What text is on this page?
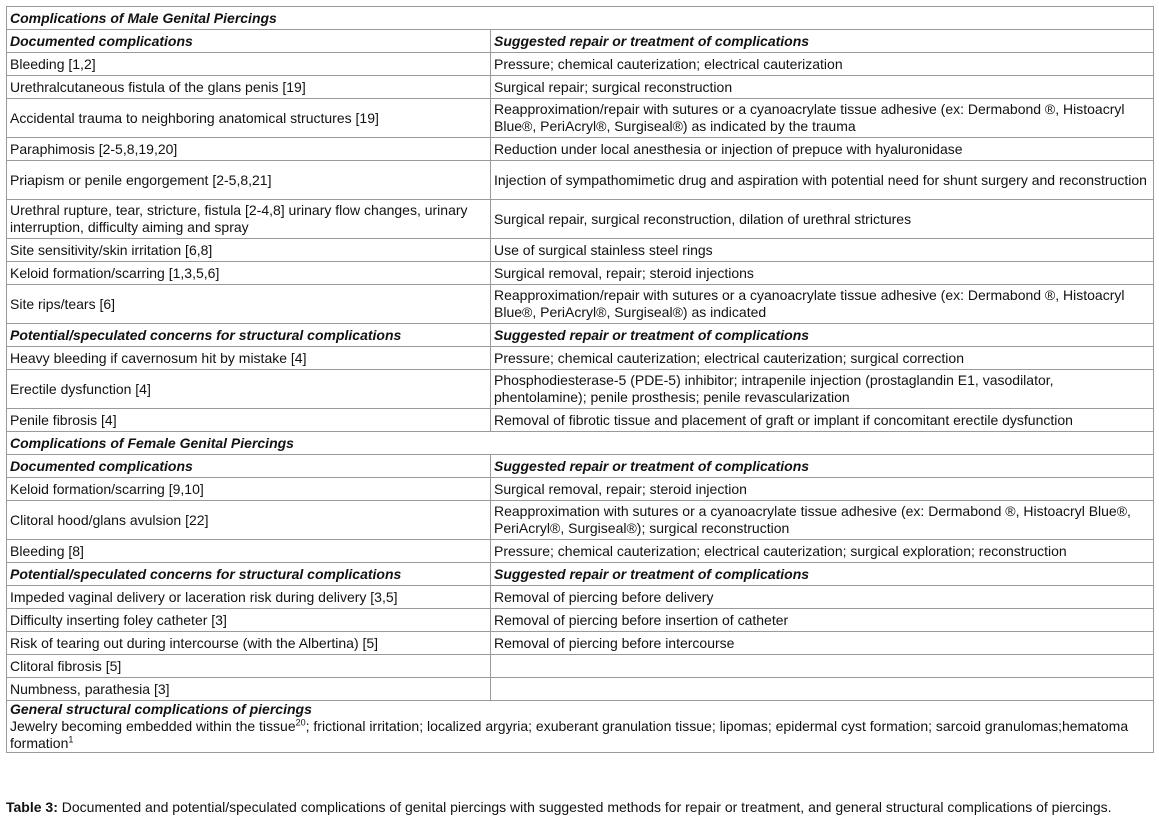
Complications of Male Genital Piercings	
Documented complications	Suggested repair or treatment of complications
Bleeding [1,2]	Pressure; chemical cauterization; electrical cauterization
Urethralcutaneous fistula of the glans penis [19]	Surgical repair; surgical reconstruction
Accidental trauma to neighboring anatomical structures [19]	Reapproximation/repair with sutures or a cyanoacrylate tissue adhesive (ex: Dermabond ®, Histoacryl Blue®, PeriAcryl®, Surgiseal®) as indicated by the trauma
Paraphimosis [2-5,8,19,20]	Reduction under local anesthesia or injection of prepuce with hyaluronidase
Priapism or penile engorgement [2-5,8,21]	Injection of sympathomimetic drug and aspiration with potential need for shunt surgery and reconstruction
Urethral rupture, tear, stricture, fistula [2-4,8] urinary flow changes, urinary interruption, difficulty aiming and spray	Surgical repair, surgical reconstruction, dilation of urethral strictures
Site sensitivity/skin irritation [6,8]	Use of surgical stainless steel rings
Keloid formation/scarring [1,3,5,6]	Surgical removal, repair; steroid injections
Site rips/tears [6]	Reapproximation/repair with sutures or a cyanoacrylate tissue adhesive (ex: Dermabond ®, Histoacryl Blue®, PeriAcryl®, Surgiseal®) as indicated
Potential/speculated concerns for structural complications	Suggested repair or treatment of complications
Heavy bleeding if cavernosum hit by mistake [4]	Pressure; chemical cauterization; electrical cauterization; surgical correction
Erectile dysfunction [4]	Phosphodiesterase-5 (PDE-5) inhibitor; intrapenile injection (prostaglandin E1, vasodilator, phentolamine); penile prosthesis; penile revascularization
Penile fibrosis [4]	Removal of fibrotic tissue and placement of graft or implant if concomitant erectile dysfunction
Complications of Female Genital Piercings	
Documented complications	Suggested repair or treatment of complications
Keloid formation/scarring [9,10]	Surgical removal, repair; steroid injection
Clitoral hood/glans avulsion [22]	Reapproximation with sutures or a cyanoacrylate tissue adhesive (ex: Dermabond ®, Histoacryl Blue®, PeriAcryl®, Surgiseal®); surgical reconstruction
Bleeding [8]	Pressure; chemical cauterization; electrical cauterization; surgical exploration; reconstruction
Potential/speculated concerns for structural complications	Suggested repair or treatment of complications
Impeded vaginal delivery or laceration risk during delivery [3,5]	Removal of piercing before delivery
Difficulty inserting foley catheter [3]	Removal of piercing before insertion of catheter
Risk of tearing out during intercourse (with the Albertina) [5]	Removal of piercing before intercourse
Clitoral fibrosis [5]	
Numbness, parathesia [3]	

General structural complications of piercings
Jewelry becoming embedded within the tissue$^{20}$; frictional irritation; localized argyria; exuberant granulation tissue; lipomas; epidermal cyst formation; sarcoid granulomas;hematoma formation$^1$
Table 3: Documented and potential/speculated complications of genital piercings with suggested methods for repair or treatment, and general structural complications of piercings.
